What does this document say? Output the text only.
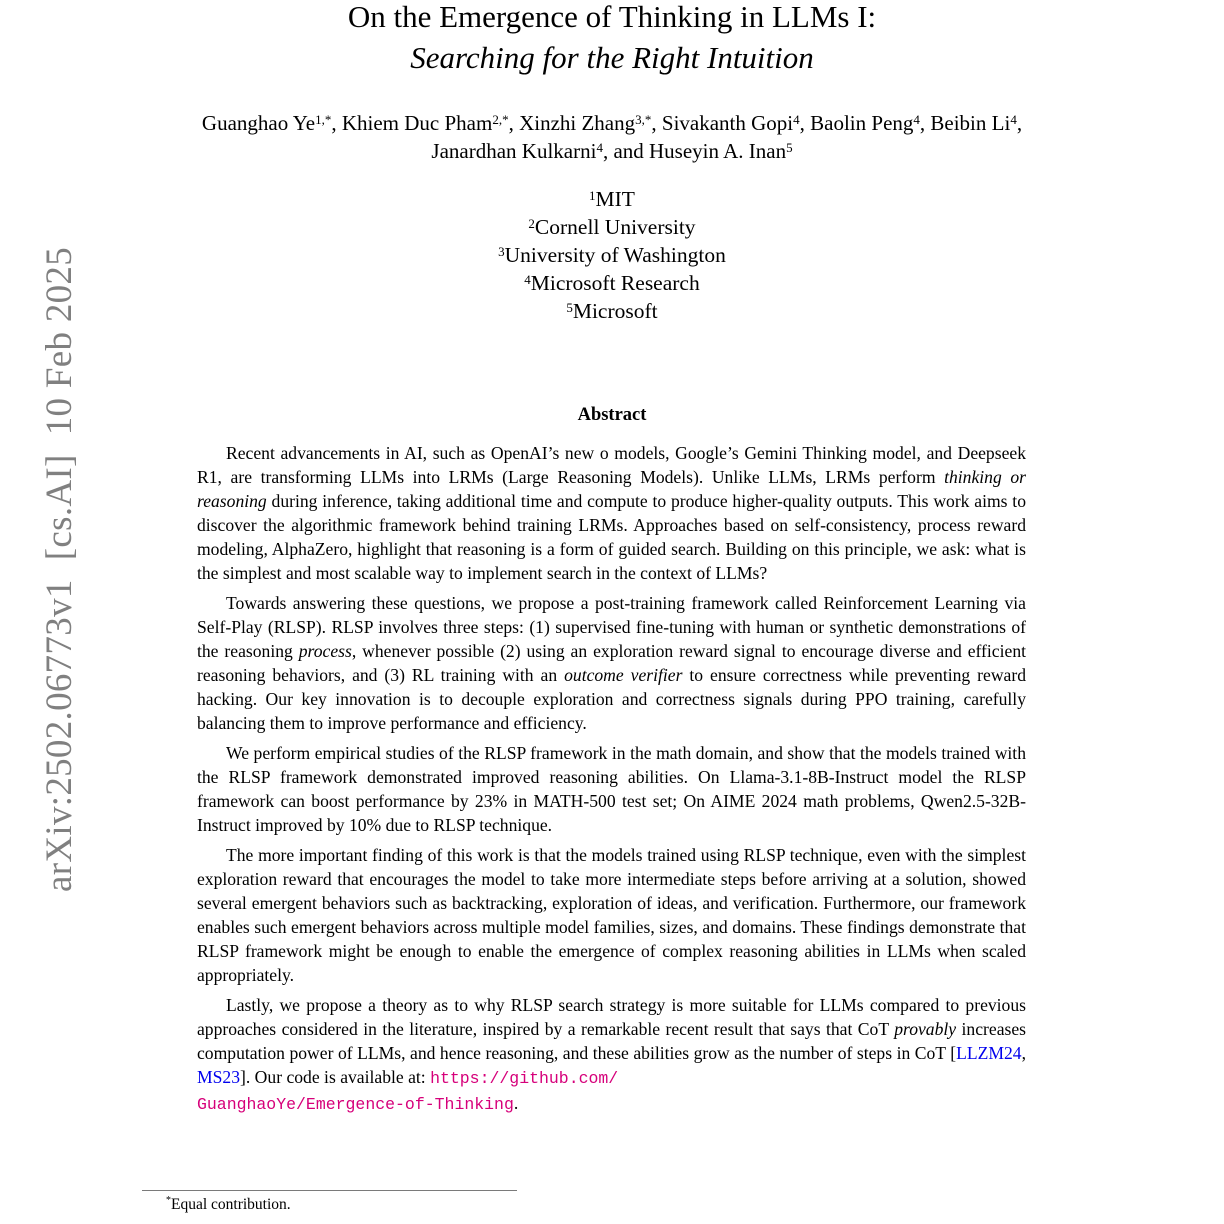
arXiv:2502.06773v1  [cs.AI]  10 Feb 2025
On the Emergence of Thinking in LLMs I:
Searching for the Right Intuition
Guanghao $Ye^{1,*}$, Khiem Duc Pham$^{2,*}$, Xinzhi Zhang$^{3,*}$, Sivakanth Gopi$^4$, Baolin Peng$^4$, Beibin Li$^4$,
Janardhan Kulkarni$^4$, and Huseyin A. Inan$^5$
$^1$MIT
$^2$Cornell University
$^3$University of Washington
$^4$Microsoft Research
$^5$Microsoft
Abstract

Recent advancements in AI, such as OpenAI’s new o models, Google’s Gemini Thinking model, and Deepseek R1, are transforming LLMs into LRMs (Large Reasoning Models). Unlike LLMs, LRMs perform thinking or reasoning during inference, taking additional time and compute to produce higher-quality outputs. This work aims to discover the algorithmic framework behind training LRMs. Approaches based on self-consistency, process reward modeling, AlphaZero, highlight that reasoning is a form of guided search. Building on this principle, we ask: what is the simplest and most scalable way to implement search in the context of LLMs?

Towards answering these questions, we propose a post-training framework called Reinforcement Learning via Self-Play (RLSP). RLSP involves three steps: (1) supervised fine-tuning with human or synthetic demonstrations of the reasoning process, whenever possible (2) using an exploration reward signal to encourage diverse and efficient reasoning behaviors, and (3) RL training with an outcome verifier to ensure correctness while preventing reward hacking. Our key innovation is to decouple exploration and correctness signals during PPO training, carefully balancing them to improve performance and efficiency.

We perform empirical studies of the RLSP framework in the math domain, and show that the models trained with the RLSP framework demonstrated improved reasoning abilities. On Llama-3.1-8B-Instruct model the RLSP framework can boost performance by 23% in MATH-500 test set; On AIME 2024 math problems, Qwen2.5-32B-Instruct improved by 10% due to RLSP technique.

The more important finding of this work is that the models trained using RLSP technique, even with the simplest exploration reward that encourages the model to take more intermediate steps before arriving at a solution, showed several emergent behaviors such as backtracking, exploration of ideas, and verification. Furthermore, our framework enables such emergent behaviors across multiple model families, sizes, and domains. These findings demonstrate that RLSP framework might be enough to enable the emergence of complex reasoning abilities in LLMs when scaled appropriately.

Lastly, we propose a theory as to why RLSP search strategy is more suitable for LLMs compared to previous approaches considered in the literature, inspired by a remarkable recent result that says that CoT provably increases computation power of LLMs, and hence reasoning, and these abilities grow as the number of steps in CoT [LLZM24, MS23]. Our code is available at: https://github.com/
GuanghaoYe/Emergence-of-Thinking.

*Equal contribution.
